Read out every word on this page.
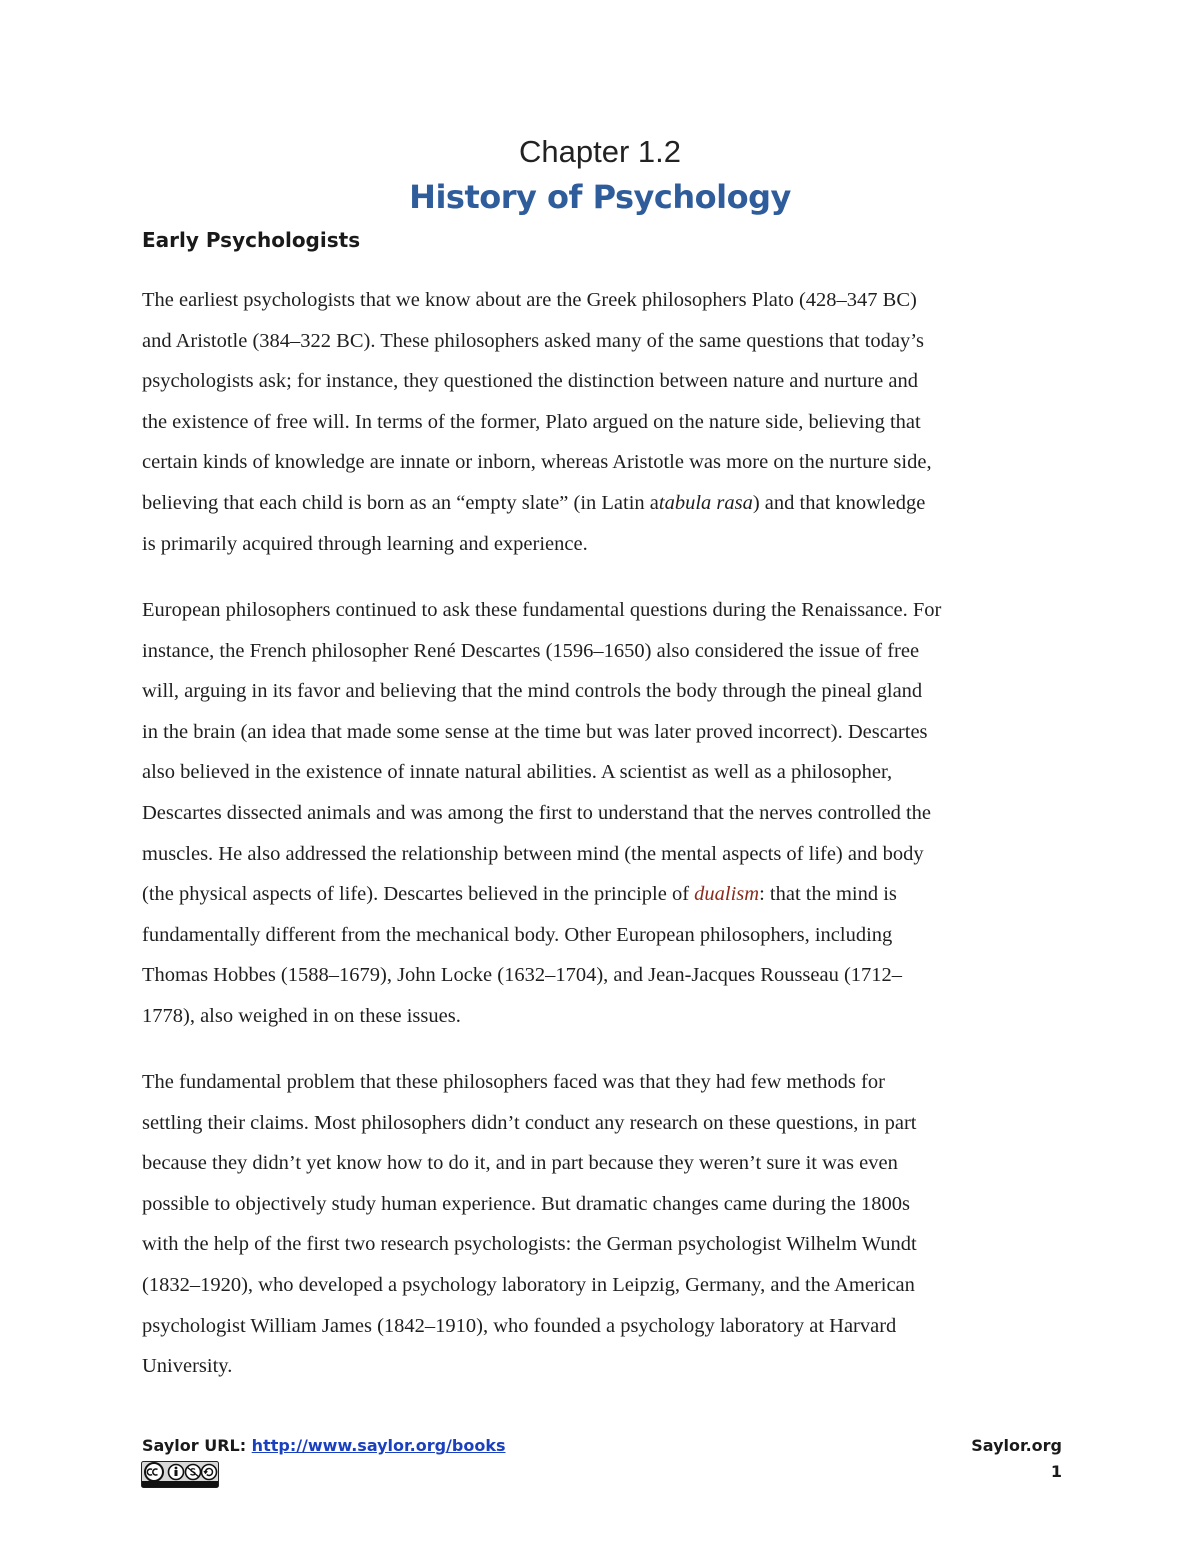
Chapter 1.2
History of Psychology
Early Psychologists
The earliest psychologists that we know about are the Greek philosophers Plato (428–347 BC)
and Aristotle (384–322 BC). These philosophers asked many of the same questions that today’s
psychologists ask; for instance, they questioned the distinction between nature and nurture and
the existence of free will. In terms of the former, Plato argued on the nature side, believing that
certain kinds of knowledge are innate or inborn, whereas Aristotle was more on the nurture side,
believing that each child is born as an “empty slate” (in Latin atabula rasa) and that knowledge
is primarily acquired through learning and experience.
European philosophers continued to ask these fundamental questions during the Renaissance. For
instance, the French philosopher René Descartes (1596–1650) also considered the issue of free
will, arguing in its favor and believing that the mind controls the body through the pineal gland
in the brain (an idea that made some sense at the time but was later proved incorrect). Descartes
also believed in the existence of innate natural abilities. A scientist as well as a philosopher,
Descartes dissected animals and was among the first to understand that the nerves controlled the
muscles. He also addressed the relationship between mind (the mental aspects of life) and body
(the physical aspects of life). Descartes believed in the principle of dualism: that the mind is
fundamentally different from the mechanical body. Other European philosophers, including
Thomas Hobbes (1588–1679), John Locke (1632–1704), and Jean-Jacques Rousseau (1712–
1778), also weighed in on these issues.
The fundamental problem that these philosophers faced was that they had few methods for
settling their claims. Most philosophers didn’t conduct any research on these questions, in part
because they didn’t yet know how to do it, and in part because they weren’t sure it was even
possible to objectively study human experience. But dramatic changes came during the 1800s
with the help of the first two research psychologists: the German psychologist Wilhelm Wundt
(1832–1920), who developed a psychology laboratory in Leipzig, Germany, and the American
psychologist William James (1842–1910), who founded a psychology laboratory at Harvard
University.
Saylor URL: http://www.saylor.org/books	Saylor.org
1
